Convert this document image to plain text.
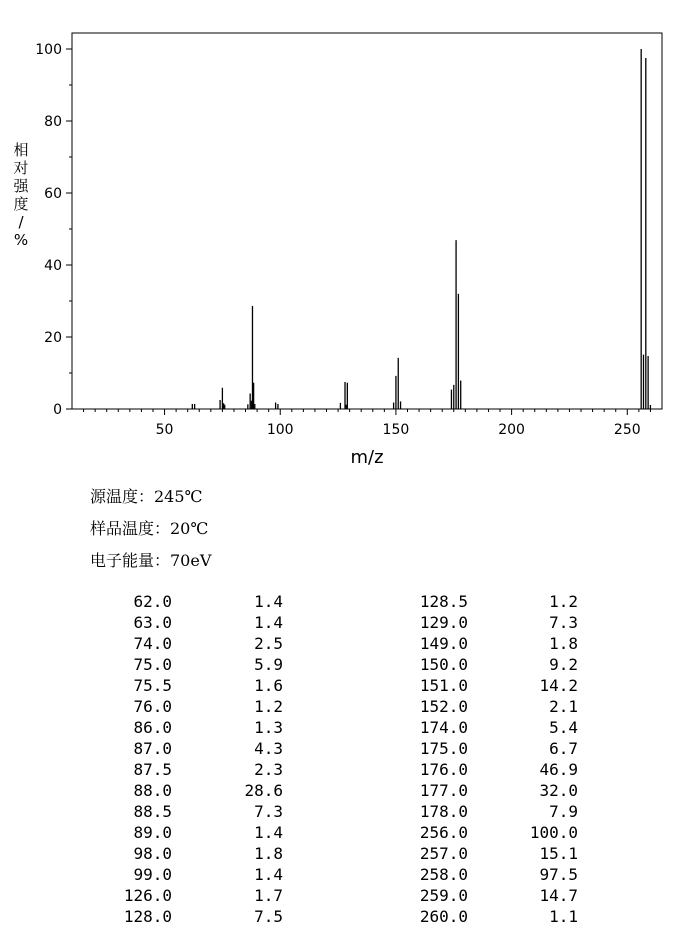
0
20
40
60
80
100
50	100	150	200	250
m/z
相对强度/ %
源温度：245℃
样品温度：20℃
电子能量：70eV
62.0	1.4
63.0	1.4
74.0	2.5
75.0	5.9
75.5	1.6
76.0	1.2
86.0	1.3
87.0	4.3
87.5	2.3
88.0	28.6
88.5	7.3
89.0	1.4
98.0	1.8
99.0	1.4
126.0	1.7
128.0	7.5
128.5	1.2
129.0	7.3
149.0	1.8
150.0	9.2
151.0	14.2
152.0	2.1
174.0	5.4
175.0	6.7
176.0	46.9
177.0	32.0
178.0	7.9
256.0	100.0
257.0	15.1
258.0	97.5
259.0	14.7
260.0	1.1
